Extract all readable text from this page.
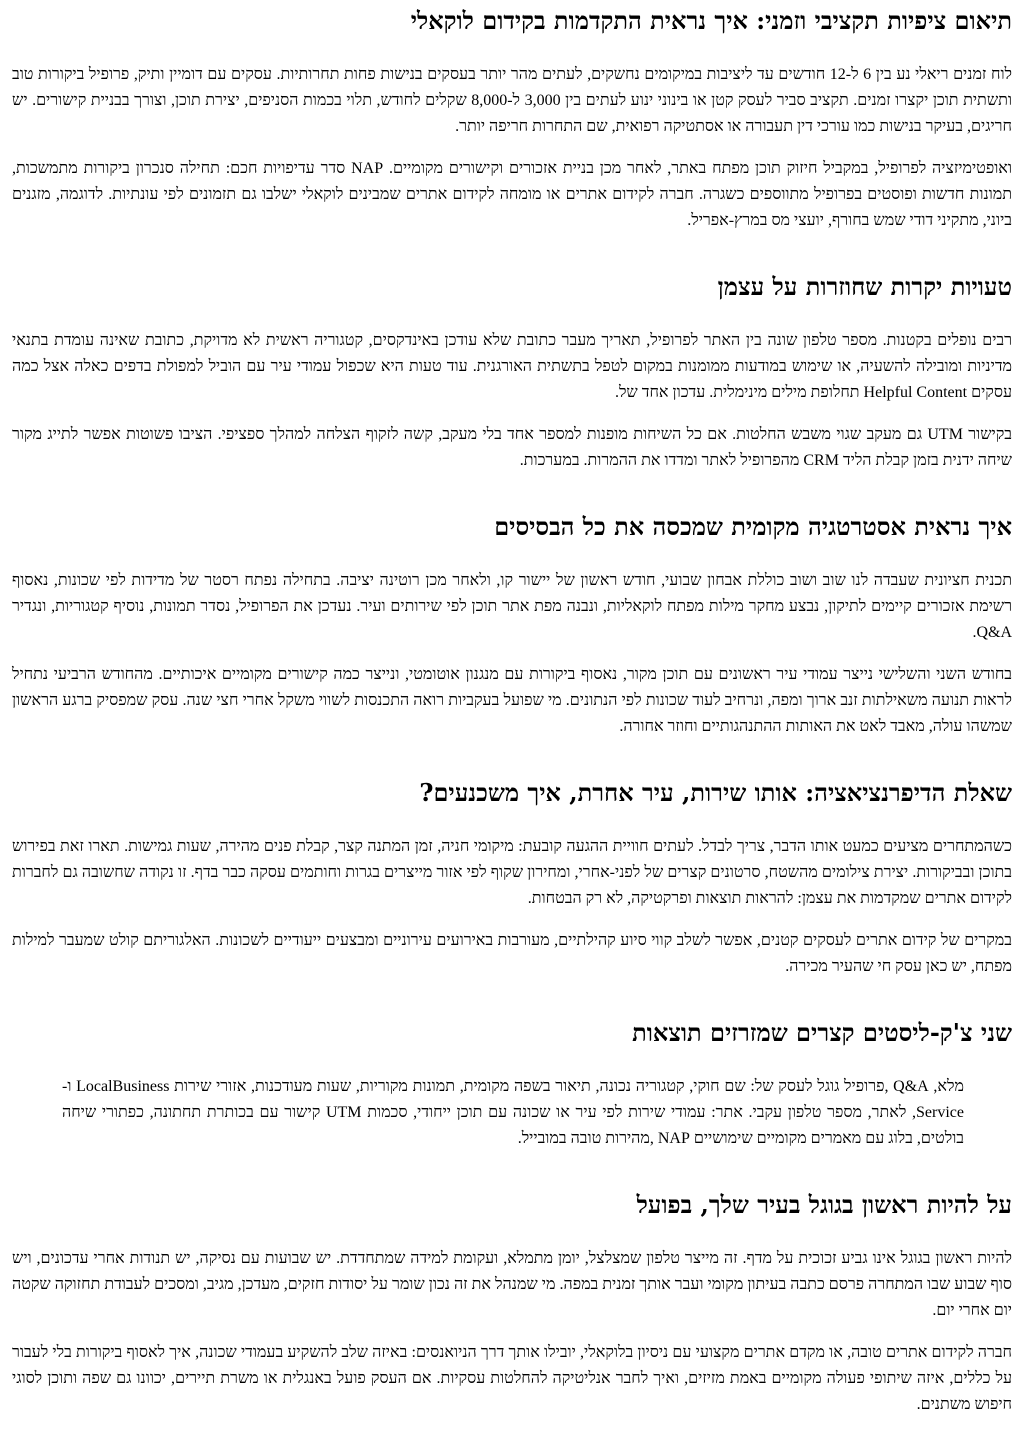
תיאום ציפיות תקציבי וזמני: איך נראית התקדמות בקידום לוקאלי

לוח זמנים ריאלי נע בין 6 ל-12 חודשים עד ליציבות במיקומים נחשקים, לעתים מהר יותר בעסקים בנישות פחות תחרותיות. עסקים עם דומיין ותיק, פרופיל ביקורות טוב ותשתית תוכן יקצרו זמנים. תקציב סביר לעסק קטן או בינוני ינוע לעתים בין 3,000 ל-8,000 שקלים לחודש, תלוי בכמות הסניפים, יצירת תוכן, וצורך בבניית קישורים. יש חריגים, בעיקר בנישות כמו עורכי דין תעבורה או אסתטיקה רפואית, שם התחרות חריפה יותר.

ואופטימיזציה לפרופיל, במקביל חיזוק תוכן מפתח באתר, לאחר מכן בניית אזכורים וקישורים מקומיים. NAP סדר עדיפויות חכם: תחילה סנכרון ביקורות מתמשכות, תמונות חדשות ופוסטים בפרופיל מתווספים כשגרה. חברה לקידום אתרים או מומחה לקידום אתרים שמבינים לוקאלי ישלבו גם תזמונים לפי עונתיות. לדוגמה, מזגנים ביוני, מתקיני דודי שמש בחורף, יועצי מס במרץ-אפריל.

טעויות יקרות שחוזרות על עצמן

רבים נופלים בקטנות. מספר טלפון שונה בין האתר לפרופיל, תאריך מעבר כתובת שלא עודכן באינדקסים, קטגוריה ראשית לא מדויקת, כתובת שאינה עומדת בתנאי מדיניות ומובילה להשעיה, או שימוש במודעות ממומנות במקום לטפל בתשתית האורגנית. עוד טעות היא שכפול עמודי עיר עם הוביל למפולת בדפים כאלה אצל כמה עסקים Helpful Content תחלופת מילים מינימלית. עדכון אחד של.

בקישור UTM גם מעקב שגוי משבש החלטות. אם כל השיחות מופנות למספר אחד בלי מעקב, קשה לזקוף הצלחה למהלך ספציפי. הציבו פשוטות אפשר לתייג מקור שיחה ידנית בזמן קבלת הליד CRM מהפרופיל לאתר ומדדו את ההמרות. במערכות.

איך נראית אסטרטגיה מקומית שמכסה את כל הבסיסים

תכנית חציונית שעבדה לנו שוב ושוב כוללת אבחון שבועי, חודש ראשון של יישור קו, ולאחר מכן רוטינה יציבה. בתחילה נפתח רסטר של מדידות לפי שכונות, נאסוף רשימת אזכורים קיימים לתיקון, נבצע מחקר מילות מפתח לוקאליות, ונבנה מפת אתר תוכן לפי שירותים ועיר. נעדכן את הפרופיל, נסדר תמונות, נוסיף קטגוריות, ונגדיר Q&A.

בחודש השני והשלישי נייצר עמודי עיר ראשונים עם תוכן מקור, נאסוף ביקורות עם מנגנון אוטומטי, ונייצר כמה קישורים מקומיים איכותיים. מהחודש הרביעי נתחיל לראות תנועה משאילתות זנב ארוך ומפה, ונרחיב לעוד שכונות לפי הנתונים. מי שפועל בעקביות רואה התכנסות לשווי משקל אחרי חצי שנה. עסק שמפסיק ברגע הראשון שמשהו עולה, מאבד לאט את האותות ההתנהגותיים וחוזר אחורה.

שאלת הדיפרנציאציה: אותו שירות, עיר אחרת, איך משכנעים?

כשהמתחרים מציעים כמעט אותו הדבר, צריך לבדל. לעתים חוויית ההגעה קובעת: מיקומי חניה, זמן המתנה קצר, קבלת פנים מהירה, שעות גמישות. תארו זאת בפירוש בתוכן ובביקורות. יצירת צילומים מהשטח, סרטונים קצרים של לפני-אחרי, ומחירון שקוף לפי אזור מייצרים בגרות וחותמים עסקה כבר בדף. זו נקודה שחשובה גם לחברות לקידום אתרים שמקדמות את עצמן: להראות תוצאות ופרקטיקה, לא רק הבטחות.

במקרים של קידום אתרים לעסקים קטנים, אפשר לשלב קווי סיוע קהילתיים, מעורבות באירועים עירוניים ומבצעים ייעודיים לשכונות. האלגוריתם קולט שמעבר למילות מפתח, יש כאן עסק חי שהעיר מכירה.

שני צ'ק-ליסטים קצרים שמזרזים תוצאות

מלא, Q&A ,פרופיל גוגל לעסק של: שם חוקי, קטגוריה נכונה, תיאור בשפה מקומית, תמונות מקוריות, שעות מעודכנות, אזורי שירות LocalBusiness ו-Service, לאתר, מספר טלפון עקבי. אתר: עמודי שירות לפי עיר או שכונה עם תוכן ייחודי, סכמות UTM קישור עם בכותרת תחתונה, כפתורי שיחה בולטים, בלוג עם מאמרים מקומיים שימושיים NAP ,מהירות טובה במובייל.

על להיות ראשון בגוגל בעיר שלך, בפועל

להיות ראשון בגוגל אינו גביע זכוכית על מדף. זה מייצר טלפון שמצלצל, יומן מתמלא, ועקומת למידה שמתחדדת. יש שבועות עם נסיקה, יש תנודות אחרי עדכונים, ויש סוף שבוע שבו המתחרה פרסם כתבה בעיתון מקומי ועבר אותך זמנית במפה. מי שמנהל את זה נכון שומר על יסודות חזקים, מעדכן, מגיב, ומסכים לעבודת תחזוקה שקטה יום אחרי יום.

חברה לקידום אתרים טובה, או מקדם אתרים מקצועי עם ניסיון בלוקאלי, יובילו אותך דרך הניואנסים: באיזה שלב להשקיע בעמודי שכונה, איך לאסוף ביקורות בלי לעבור על כללים, איזה שיתופי פעולה מקומיים באמת מזיזים, ואיך לחבר אנליטיקה להחלטות עסקיות. אם העסק פועל באנגלית או משרת תיירים, יכוונו גם שפה ותוכן לסוגי חיפוש משתנים.
